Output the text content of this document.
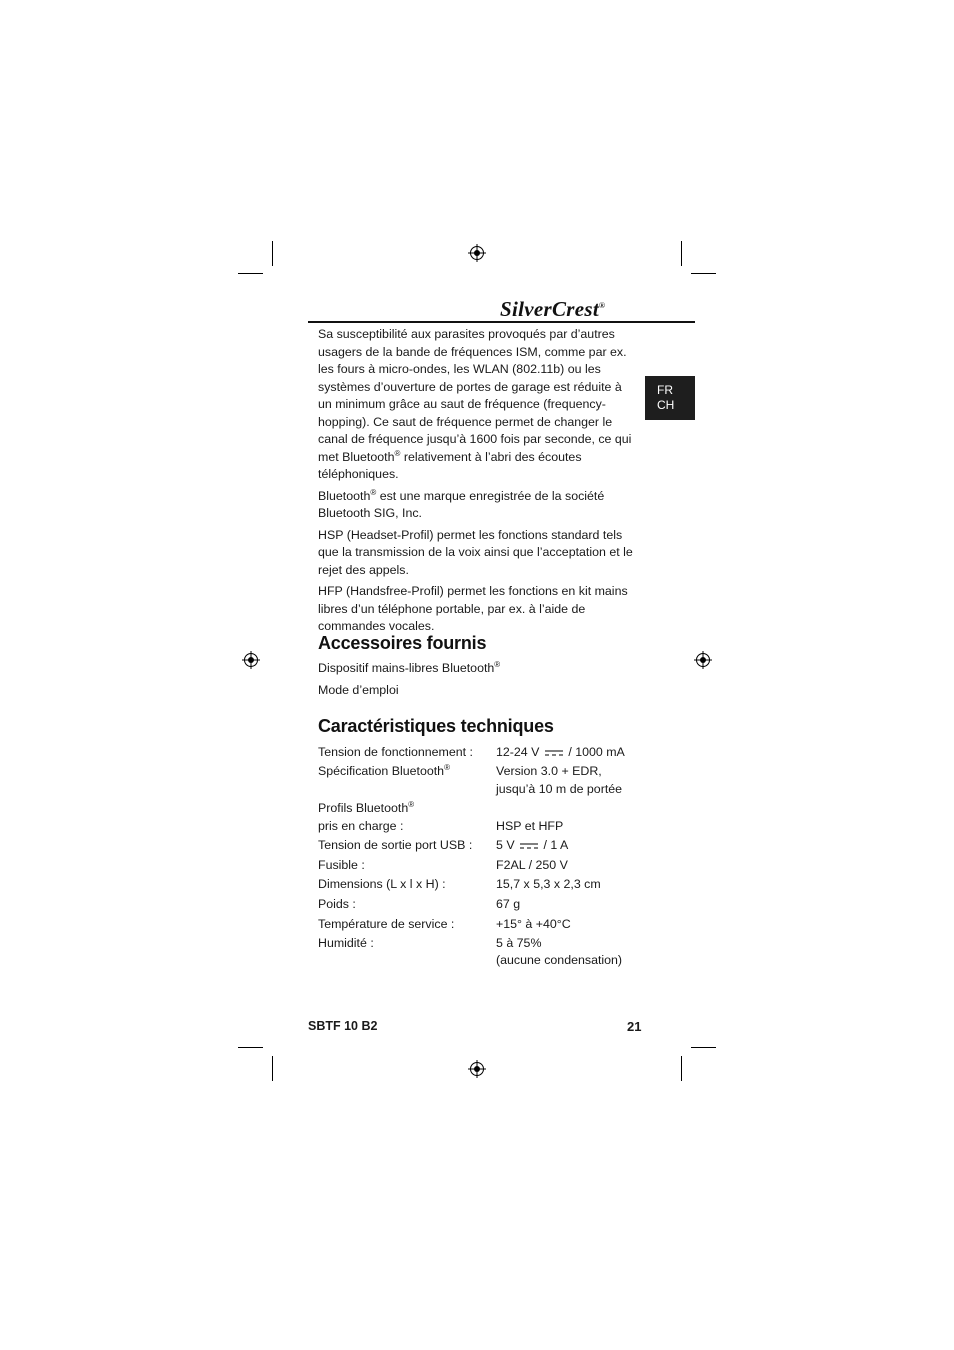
SilverCrest®
FR
CH

Sa susceptibilité aux parasites provoqués par d’autres usagers de la bande de fréquences ISM, comme par ex. les fours à micro-ondes, les WLAN (802.11b) ou les systèmes d’ouverture de portes de garage est réduite à un minimum grâce au saut de fréquence (frequency-hopping). Ce saut de fréquence permet de changer le canal de fréquence jusqu’à 1600 fois par seconde, ce qui met Bluetooth® relativement à l’abri des écoutes téléphoniques.

Bluetooth® est une marque enregistrée de la société Bluetooth SIG, Inc.

HSP (Headset-Profil) permet les fonctions standard tels que la transmission de la voix ainsi que l’acceptation et le rejet des appels.

HFP (Handsfree-Profil) permet les fonctions en kit mains libres d’un téléphone portable, par ex. à l’aide de commandes vocales.

Accessoires fournis
Dispositif mains-libres Bluetooth®
Mode d’emploi
Caractéristiques techniques
Tension de fonctionnement : 12-24 V / 1000 mA
Spécification Bluetooth®	Version 3.0 + EDR,
jusqu’à 10 m de portée
Profils Bluetooth®
pris en charge :	HSP et HFP
Tension de sortie port USB : 5 V / 1 A
Fusible :	F2AL / 250 V
Dimensions (L x l x H) :	15,7 x 5,3 x 2,3 cm
Poids :	67 g
Température de service :	+15° à +40°C
Humidité :	5 à 75%
(aucune condensation)
SBTF 10 B2	21
